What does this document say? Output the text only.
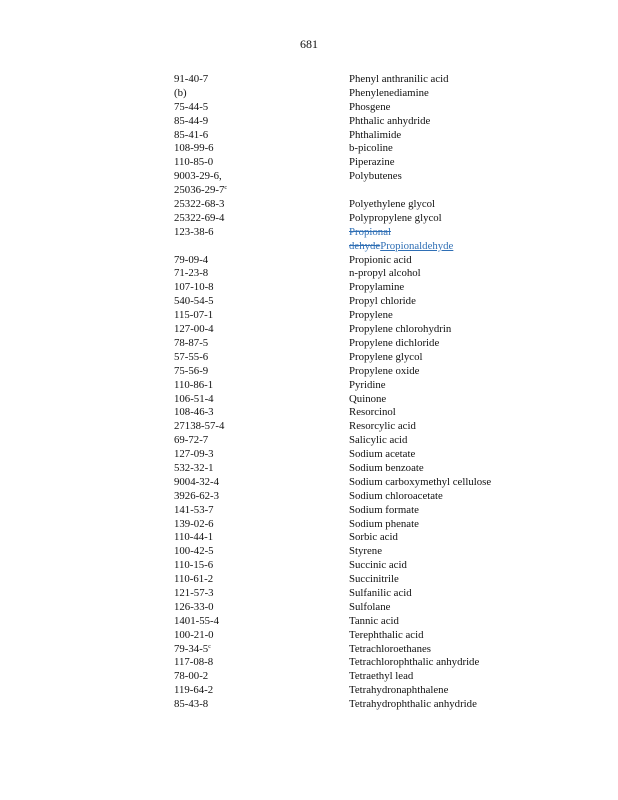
681
91-40-7	Phenyl anthranilic acid
(b)	Phenylenediamine
75-44-5	Phosgene
85-44-9	Phthalic anhydride
85-41-6	Phthalimide
108-99-6	b-picoline
110-85-0	Piperazine
9003-29-6,	Polybutenes
25036-29-7$^c$
25322-68-3	Polyethylene glycol
25322-69-4	Polypropylene glycol
123-38-6	Propional
dehydePropionaldehyde
79-09-4	Propionic acid
71-23-8	n-propyl alcohol
107-10-8	Propylamine
540-54-5	Propyl chloride
115-07-1	Propylene
127-00-4	Propylene chlorohydrin
78-87-5	Propylene dichloride
57-55-6	Propylene glycol
75-56-9	Propylene oxide
110-86-1	Pyridine
106-51-4	Quinone
108-46-3	Resorcinol
27138-57-4	Resorcylic acid
69-72-7	Salicylic acid
127-09-3	Sodium acetate
532-32-1	Sodium benzoate
9004-32-4	Sodium carboxymethyl cellulose
3926-62-3	Sodium chloroacetate
141-53-7	Sodium formate
139-02-6	Sodium phenate
110-44-1	Sorbic acid
100-42-5	Styrene
110-15-6	Succinic acid
110-61-2	Succinitrile
121-57-3	Sulfanilic acid
126-33-0	Sulfolane
1401-55-4	Tannic acid
100-21-0	Terephthalic acid
79-34-5$^c$	Tetrachloroethanes
117-08-8	Tetrachlorophthalic anhydride
78-00-2	Tetraethyl lead
119-64-2	Tetrahydronaphthalene
85-43-8	Tetrahydrophthalic anhydride
